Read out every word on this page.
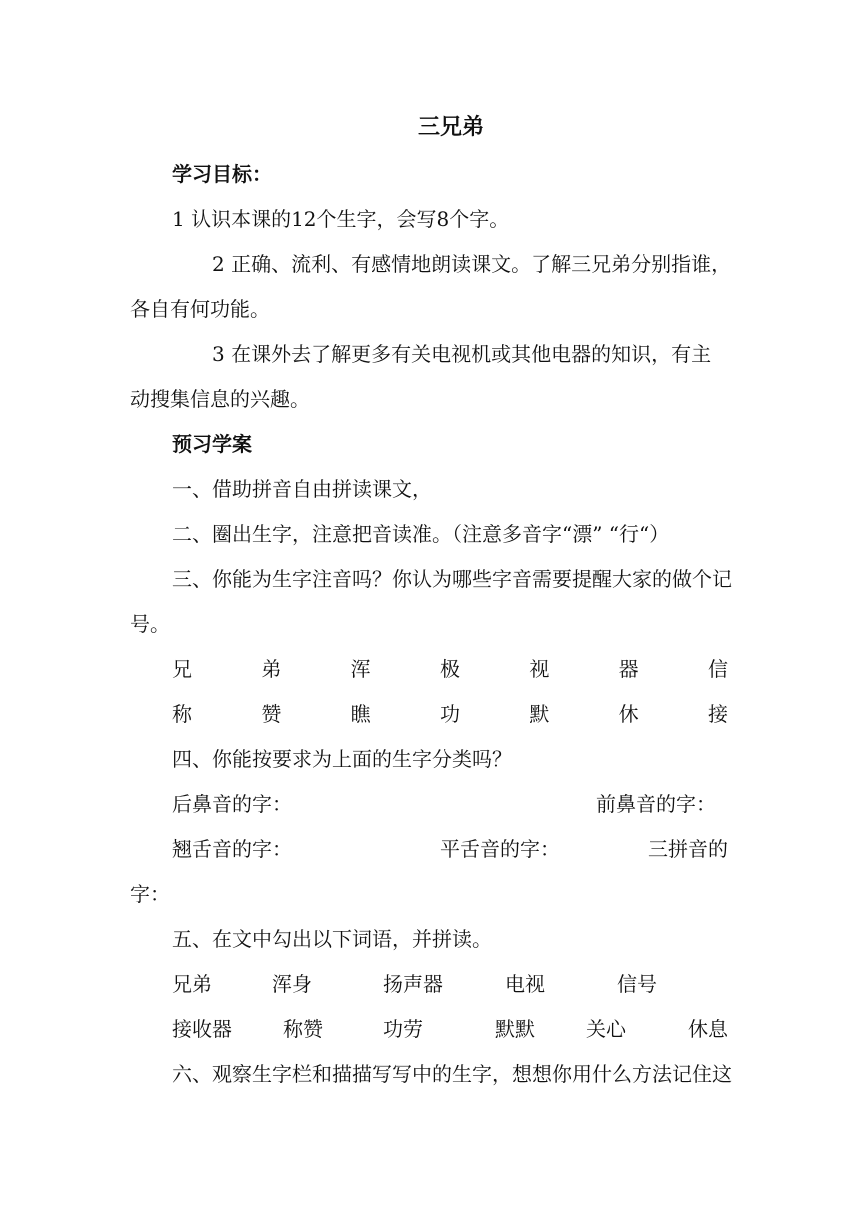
三兄弟
学习目标：
1 认识本课的12个生字，会写8个字。
2 正确、流利、有感情地朗读课文。了解三兄弟分别指谁，
各自有何功能。
3 在课外去了解更多有关电视机或其他电器的知识，有主
动搜集信息的兴趣。
预习学案
一、借助拼音自由拼读课文，
二、圈出生字，注意把音读准。（注意多音字“漂” “行“）
三、你能为生字注音吗？你认为哪些字音需要提醒大家的做个记
号。
兄	弟	浑	极	视	器	信
称	赞	瞧	功	默	休	接
四、你能按要求为上面的生字分类吗？
后鼻音的字：	前鼻音的字：
翘舌音的字：	平舌音的字：	三拼音的
字：
五、在文中勾出以下词语，并拼读。
兄弟	浑身	扬声器	电视	信号
接收器	称赞	功劳	默默	关心	休息
六、观察生字栏和描描写写中的生字，想想你用什么方法记住这
